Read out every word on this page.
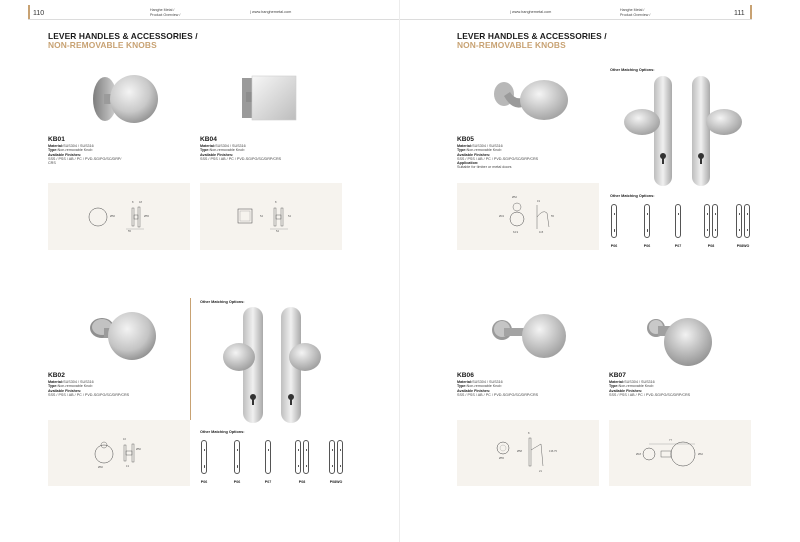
110	Hanghe Metal /
Product Overview /
| www.hanghemetal.com
LEVER HANDLES & ACCESSORIES /
NON-REMOVABLE KNOBS
KB01
Material:SUS304 / SUS316
Type:Non-removable Knob
Available Finishes:
SSS / PSS / AB / PC / PVD-SG/PG/SC/DRP/
CRS
KB04
Material:SUS304 / SUS316
Type:Non-removable Knob
Available Finishes:
SSS / PSS / AB / PC / PVD-SG/PG/SC/DRP/CRS
8 18
Ø56	Ø55
55
8
54	54
54
KB02
Material:SUS304 / SUS316
Type:Non-removable Knob
Available Finishes:
SSS / PSS / AB / PC / PVD-SG/PG/SC/DRP/CRS
16
Ø50
Ø60	13
Other Matching Options:
Other Matching Options:
P06	P06	P07	P08	P08WO
| www.hanghemetal.com	Hanghe Metal /
Product Overview /	111
LEVER HANDLES & ACCESSORIES /
NON-REMOVABLE KNOBS
KB05
Material:SUS304 / SUS316
Type:Non-removable Knob
Available Finishes:
SSS / PSS / AB / PC / PVD-SG/PG/SC/DRP/CRS
Application:
Suitable for timber or metal doors
Ø52
Ø43
64.9
19
55
115
Other Matching Options:
Other Matching Options:
P06	P06	P07	P08	P08WO
KB06
Material:SUS304 / SUS316
Type:Non-removable Knob
Available Finishes:
SSS / PSS / AB / PC / PVD-SG/PG/SC/DRP/CRS
KB07
Material:SUS304 / SUS316
Type:Non-removable Knob
Available Finishes:
SSS / PSS / AB / PC / PVD-SG/PG/SC/DRP/CRS
8
Ø55
Ø58	136.75
21
77
Ø18	Ø62
